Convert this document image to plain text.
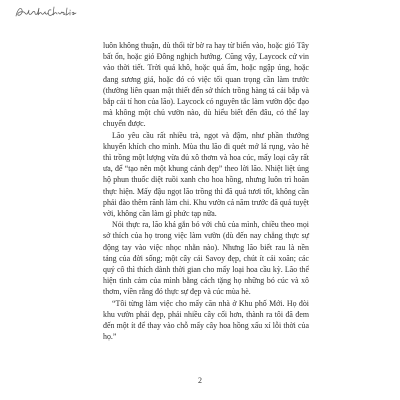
luôn không thuận, dù thổi từ bờ ra hay từ biển vào, hoặc gió Tây bất ổn, hoặc gió Đông nghịch hướng. Cũng vậy, Laycock cứ vin vào thời tiết. Trời quá khô, hoặc quá ẩm, hoặc ngập úng, hoặc đang sương giá, hoặc đó có việc tối quan trọng cần làm trước (thường liên quan mật thiết đến sở thích trồng hàng tá cải bắp và bắp cải tí hon của lão). Laycock có nguyên tắc làm vườn độc đạo mà không một chủ vườn nào, dù hiểu biết đến đâu, có thể lay chuyển được.

Lão yêu cầu rất nhiều trà, ngọt và đậm, như phần thưởng khuyến khích cho mình. Mùa thu lão đi quét mớ lá rụng, vào hè thì trồng một lượng vừa đủ xô thơm và hoa cúc, mấy loại cây rất ưa, để “tạo nên một khung cảnh đẹp” theo lời lão. Nhiệt liệt ủng hộ phun thuốc diệt ruồi xanh cho hoa hồng, nhưng luôn trì hoãn thực hiện. Mấy đậu ngọt lão trồng thì đã quá tươi tốt, không cần phải đào thêm rãnh làm chi. Khu vườn cả năm trước đã quá tuyệt vời, không cần làm gì phức tạp nữa.

Nói thực ra, lão khá gắn bó với chủ của mình, chiều theo mọi sở thích của họ trong việc làm vườn (dù đến nay chẳng thực sự động tay vào việc nhọc nhằn nào). Nhưng lão biết rau là nền tảng của đời sống; một cây cải Savoy đẹp, chút ít cải xoăn; các quý cô thì thích dành thời gian cho mấy loại hoa cầu kỳ. Lão thể hiện tình cảm của mình bằng cách tặng họ những bó cúc và xô thơm, viền rằng đó thực sự đẹp và cúc mùa hè.

“Tôi từng làm việc cho mấy căn nhà ở Khu phố Mới. Họ đòi khu vườn phải đẹp, phải nhiều cây cối hơn, thành ra tôi đã đem đến một ít để thay vào chỗ mấy cây hoa hồng xấu xí lỗi thời của họ.”

2
